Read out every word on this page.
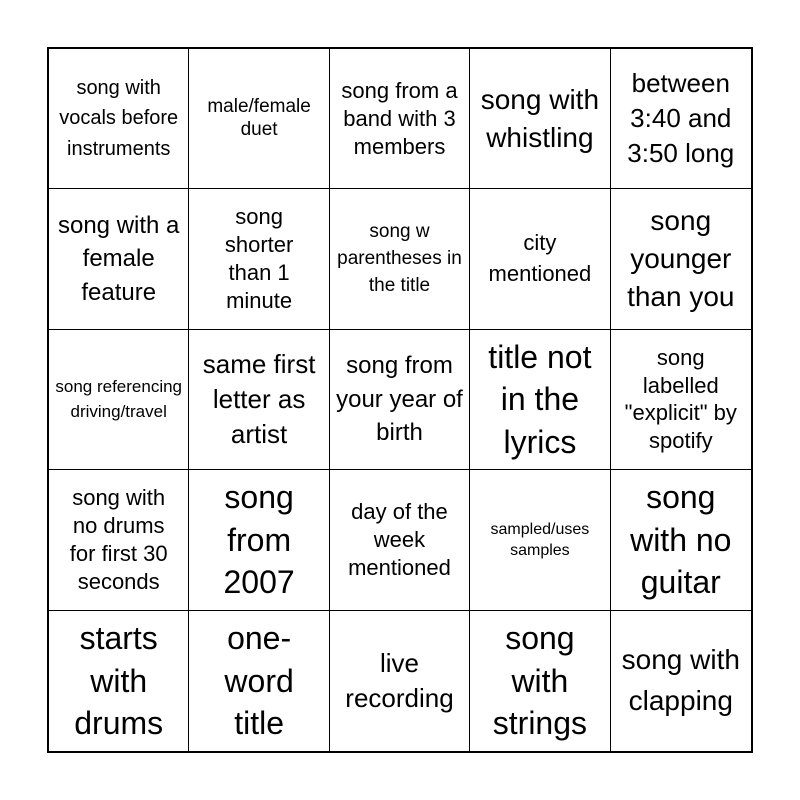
song with vocals before instruments
male/female duet
song from a band with 3 members
song with whistling
between 3:40 and 3:50 long
song with a female feature
song shorter than 1 minute
song w parentheses in the title
city mentioned
song younger than you
song referencing driving/travel
same first letter as artist
song from your year of birth
title not in the lyrics
song labelled "explicit" by spotify
song with no drums for first 30 seconds
song from 2007
day of the week mentioned
sampled/uses samples
song with no guitar
starts with drums
one-word title
live recording
song with strings
song with clapping
